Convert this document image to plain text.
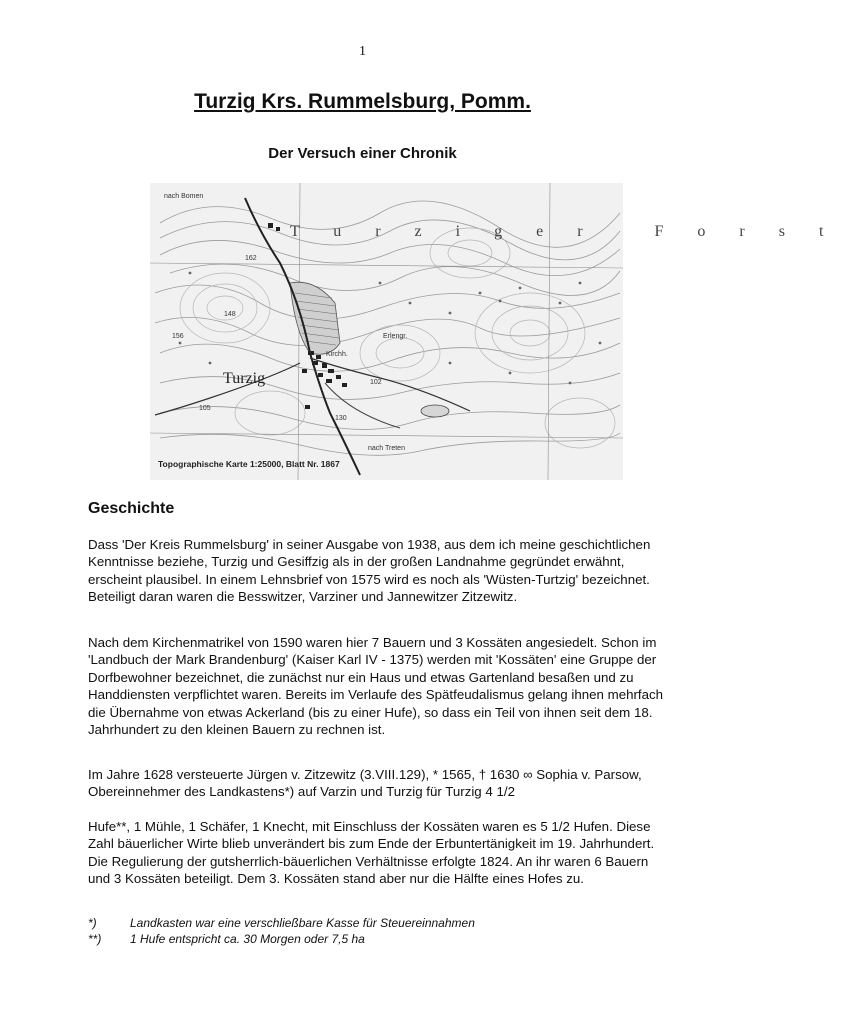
1
Turzig Krs. Rummelsburg, Pomm.
Der Versuch einer Chronik
nach Bomen
nach Treten
Erlengr.
Kirchh.
162
148
156
105
130
102
Turziger Forst
Turzig
Topographische Karte 1:25000, Blatt Nr. 1867
Geschichte

Dass 'Der Kreis Rummelsburg' in seiner Ausgabe von 1938, aus dem ich meine geschichtlichen Kenntnisse beziehe, Turzig und Gesiffzig als in der großen Landnahme gegründet erwähnt, erscheint plausibel. In einem Lehnsbrief von 1575 wird es noch als 'Wüsten-Turtzig' bezeichnet. Beteiligt daran waren die Besswitzer, Varziner und Jannewitzer Zitzewitz.

Nach dem Kirchenmatrikel von 1590 waren hier 7 Bauern und 3 Kossäten angesiedelt. Schon im 'Landbuch der Mark Brandenburg' (Kaiser Karl IV - 1375) werden mit 'Kossäten' eine Gruppe der Dorfbewohner bezeichnet, die zunächst nur ein Haus und etwas Gartenland besaßen und zu Handdiensten verpflichtet waren. Bereits im Verlaufe des Spätfeudalismus gelang ihnen mehrfach die Übernahme von etwas Ackerland (bis zu einer Hufe), so dass ein Teil von ihnen seit dem 18. Jahrhundert zu den kleinen Bauern zu rechnen ist.

Im Jahre 1628 versteuerte Jürgen v. Zitzewitz (3.VIII.129), * 1565, † 1630 ∞ Sophia v. Parsow, Obereinnehmer des Landkastens*) auf Varzin und Turzig für Turzig 4 1/2

Hufe**, 1 Mühle, 1 Schäfer, 1 Knecht, mit Einschluss der Kossäten waren es 5 1/2 Hufen. Diese Zahl bäuerlicher Wirte blieb unverändert bis zum Ende der Erbuntertänigkeit im 19. Jahrhundert. Die Regulierung der gutsherrlich-bäuerlichen Verhältnisse erfolgte 1824. An ihr waren 6 Bauern und 3 Kossäten beteiligt. Dem 3. Kossäten stand aber nur die Hälfte eines Hofes zu.

*)	Landkasten war eine verschließbare Kasse für Steuereinnahmen
**) 1 Hufe entspricht ca. 30 Morgen oder 7,5 ha
